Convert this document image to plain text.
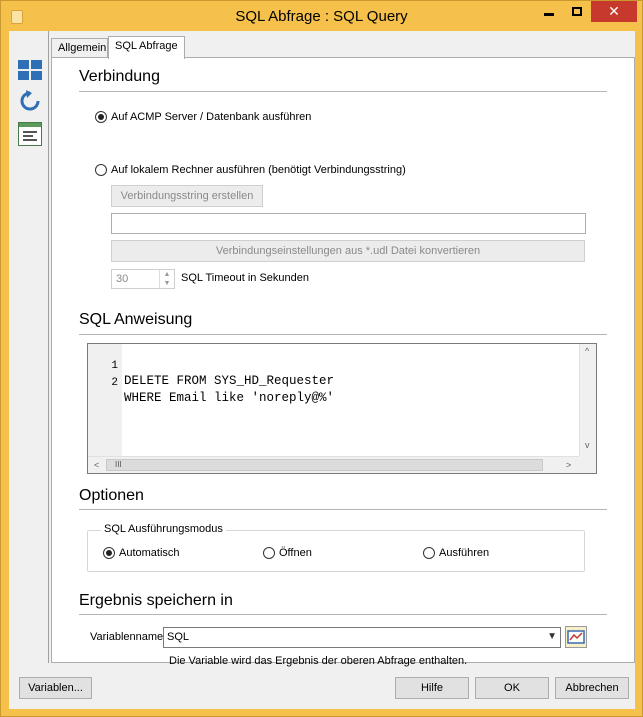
SQL Abfrage : SQL Query	✕
Allgemein SQL Abfrage
Verbindung
Auf ACMP Server / Datenbank ausführen
Auf lokalem Rechner ausführen (benötigt Verbindungsstring)
Verbindungsstring erstellen
Verbindungseinstellungen aus *.udl Datei konvertieren
30	▲
▼ SQL Timeout in Sekunden
SQL Anweisung

1

DELETE FROM SYS_HD_Requester

2

WHERE Email like 'noreply@%'

^
v
<	III	>
Optionen
SQL Ausführungsmodus
Automatisch	Öffnen	Ausführen
Ergebnis speichern in
Variablenname SQL	▼
Die Variable wird das Ergebnis der oberen Abfrage enthalten.
Variablen...	Hilfe	OK	Abbrechen
